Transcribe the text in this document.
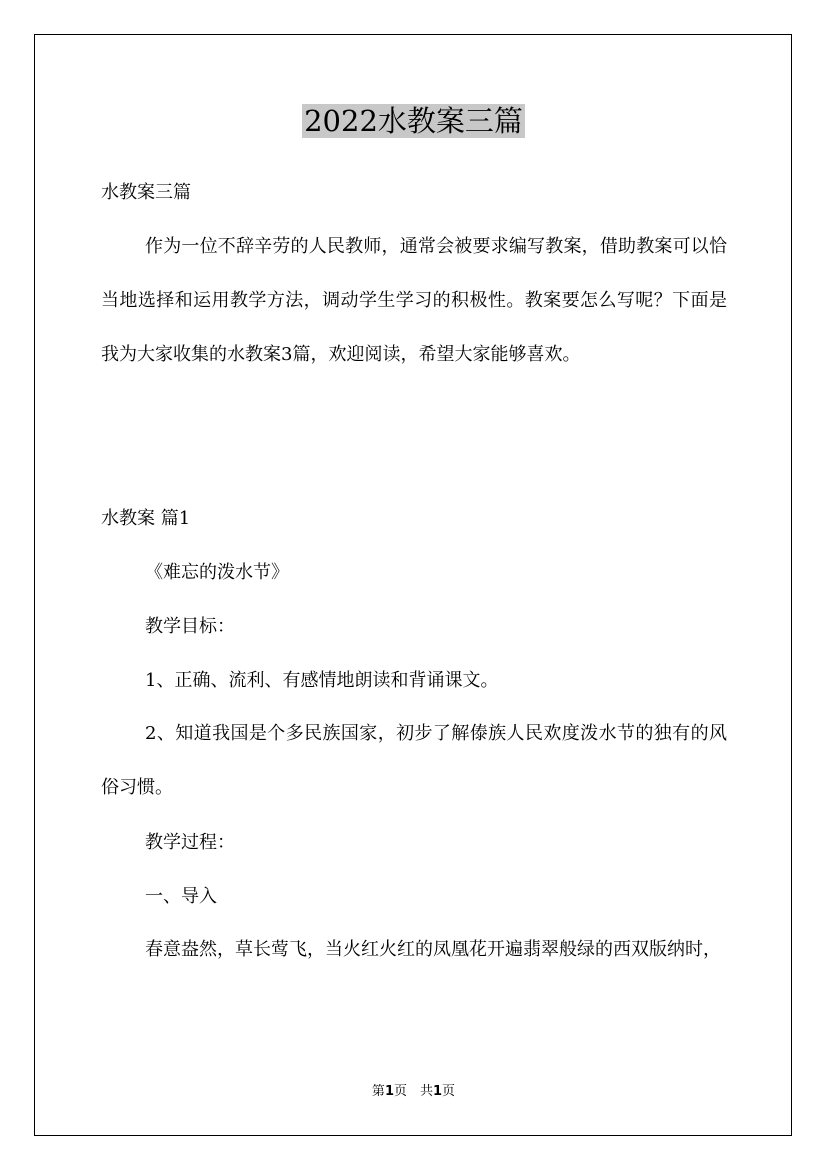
2022水教案三篇
水教案三篇

作为一位不辞辛劳的人民教师，通常会被要求编写教案，借助教案可以恰当地选择和运用教学方法，调动学生学习的积极性。教案要怎么写呢？下面是我为大家收集的水教案3篇，欢迎阅读，希望大家能够喜欢。

水教案 篇1
《难忘的泼水节》
教学目标：
1、正确、流利、有感情地朗读和背诵课文。

2、知道我国是个多民族国家，初步了解傣族人民欢度泼水节的独有的风俗习惯。

教学过程：
一、导入

春意盎然，草长莺飞，当火红火红的凤凰花开遍翡翠般绿的西双版纳时，

第1页　共1页
